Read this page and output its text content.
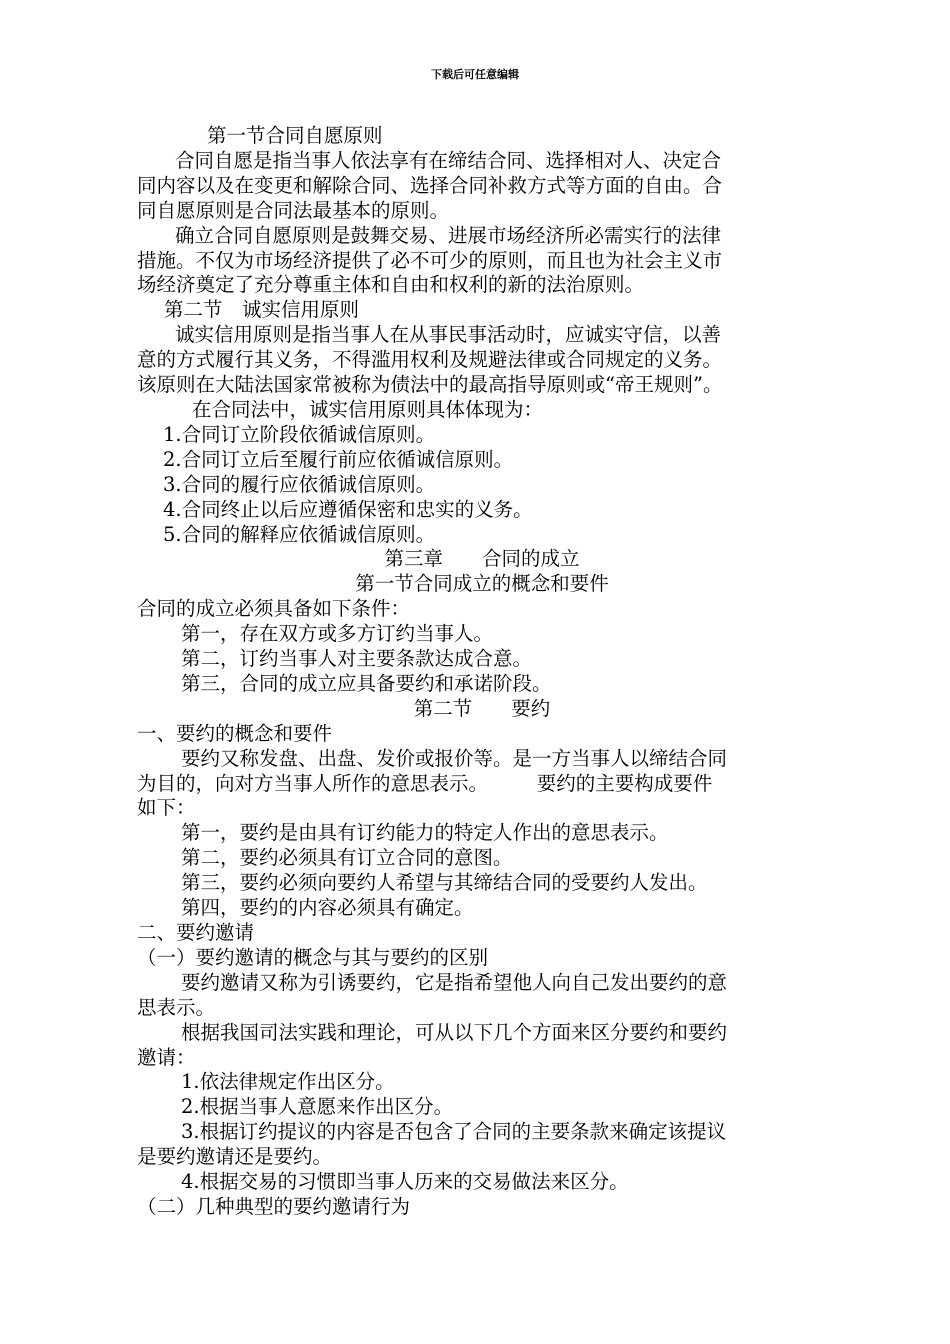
下载后可任意编辑
第一节合同自愿原则
合同自愿是指当事人依法享有在缔结合同、选择相对人、决定合
同内容以及在变更和解除合同、选择合同补救方式等方面的自由。合
同自愿原则是合同法最基本的原则。
确立合同自愿原则是鼓舞交易、进展市场经济所必需实行的法律
措施。不仅为市场经济提供了必不可少的原则，而且也为社会主义市
场经济奠定了充分尊重主体和自由和权利的新的法治原则。
第二节　诚实信用原则
诚实信用原则是指当事人在从事民事活动时，应诚实守信，以善
意的方式履行其义务，不得滥用权利及规避法律或合同规定的义务。
该原则在大陆法国家常被称为债法中的最高指导原则或“帝王规则”。
在合同法中，诚实信用原则具体体现为：
1.合同订立阶段依循诚信原则。
2.合同订立后至履行前应依循诚信原则。
3.合同的履行应依循诚信原则。
4.合同终止以后应遵循保密和忠实的义务。
5.合同的解释应依循诚信原则。
第三章　　合同的成立
第一节合同成立的概念和要件
合同的成立必须具备如下条件：
第一，存在双方或多方订约当事人。
第二，订约当事人对主要条款达成合意。
第三，合同的成立应具备要约和承诺阶段。
第二节　　要约
一、要约的概念和要件
要约又称发盘、出盘、发价或报价等。是一方当事人以缔结合同
为目的，向对方当事人所作的意思表示。　　　要约的主要构成要件
如下：
第一，要约是由具有订约能力的特定人作出的意思表示。
第二，要约必须具有订立合同的意图。
第三，要约必须向要约人希望与其缔结合同的受要约人发出。
第四，要约的内容必须具有确定。
二、要约邀请
（一）要约邀请的概念与其与要约的区别
要约邀请又称为引诱要约，它是指希望他人向自己发出要约的意
思表示。
根据我国司法实践和理论，可从以下几个方面来区分要约和要约
邀请：
1.依法律规定作出区分。
2.根据当事人意愿来作出区分。
3.根据订约提议的内容是否包含了合同的主要条款来确定该提议
是要约邀请还是要约。
4.根据交易的习惯即当事人历来的交易做法来区分。
（二）几种典型的要约邀请行为
